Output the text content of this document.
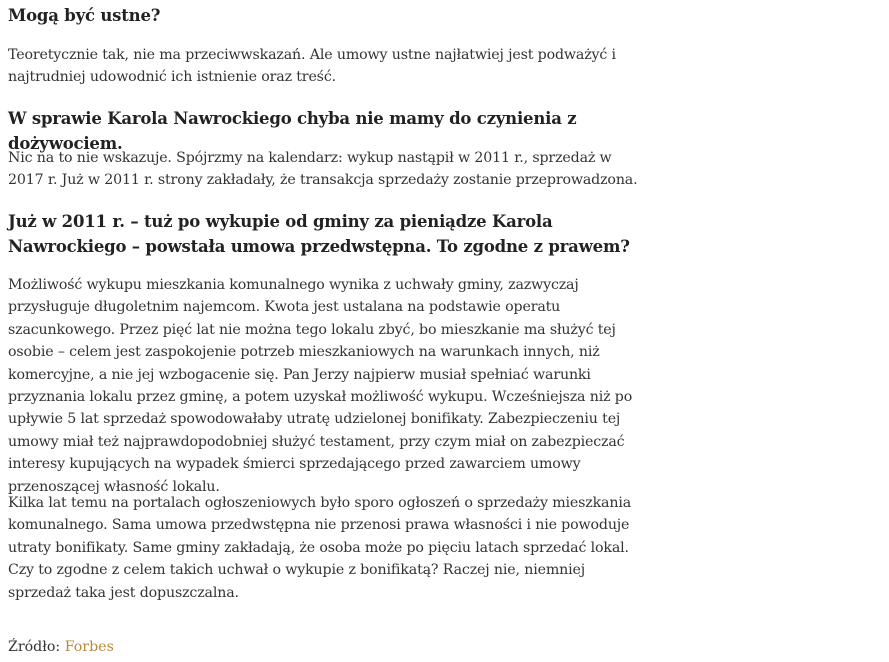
Mogą być ustne?

Teoretycznie tak, nie ma przeciwwskazań. Ale umowy ustne najłatwiej jest podważyć i najtrudniej udowodnić ich istnienie oraz treść.

W sprawie Karola Nawrockiego chyba nie mamy do czynienia z dożywociem.

Nic na to nie wskazuje. Spójrzmy na kalendarz: wykup nastąpił w 2011 r., sprzedaż w 2017 r. Już w 2011 r. strony zakładały, że transakcja sprzedaży zostanie przeprowadzona.

Już w 2011 r. – tuż po wykupie od gminy za pieniądze Karola Nawrockiego – powstała umowa przedwstępna. To zgodne z prawem?

Możliwość wykupu mieszkania komunalnego wynika z uchwały gminy, zazwyczaj przysługuje długoletnim najemcom. Kwota jest ustalana na podstawie operatu szacunkowego. Przez pięć lat nie można tego lokalu zbyć, bo mieszkanie ma służyć tej osobie – celem jest zaspokojenie potrzeb mieszkaniowych na warunkach innych, niż komercyjne, a nie jej wzbogacenie się. Pan Jerzy najpierw musiał spełniać warunki przyznania lokalu przez gminę, a potem uzyskał możliwość wykupu. Wcześniejsza niż po upływie 5 lat sprzedaż spowodowałaby utratę udzielonej bonifikaty. Zabezpieczeniu tej umowy miał też najprawdopodobniej służyć testament, przy czym miał on zabezpieczać interesy kupujących na wypadek śmierci sprzedającego przed zawarciem umowy przenoszącej własność lokalu.

Kilka lat temu na portalach ogłoszeniowych było sporo ogłoszeń o sprzedaży mieszkania komunalnego. Sama umowa przedwstępna nie przenosi prawa własności i nie powoduje utraty bonifikaty. Same gminy zakładają, że osoba może po pięciu latach sprzedać lokal. Czy to zgodne z celem takich uchwał o wykupie z bonifikatą? Raczej nie, niemniej sprzedaż taka jest dopuszczalna.

Źródło: Forbes
